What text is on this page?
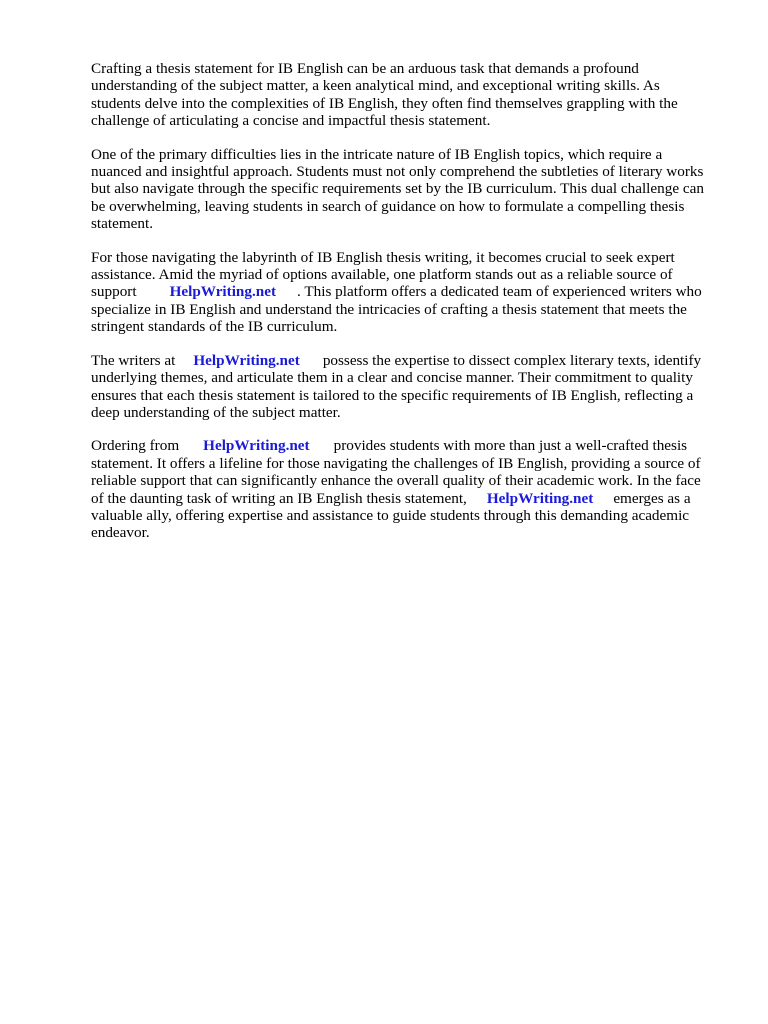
Crafting a thesis statement for IB English can be an arduous task that demands a profound
understanding of the subject matter, a keen analytical mind, and exceptional writing skills. As
students delve into the complexities of IB English, they often find themselves grappling with the
challenge of articulating a concise and impactful thesis statement.

One of the primary difficulties lies in the intricate nature of IB English topics, which require a
nuanced and insightful approach. Students must not only comprehend the subtleties of literary works
but also navigate through the specific requirements set by the IB curriculum. This dual challenge can
be overwhelming, leaving students in search of guidance on how to formulate a compelling thesis
statement.

For those navigating the labyrinth of IB English thesis writing, it becomes crucial to seek expert
assistance. Amid the myriad of options available, one platform stands out as a reliable source of
support HelpWriting.net . This platform offers a dedicated team of experienced writers who
specialize in IB English and understand the intricacies of crafting a thesis statement that meets the
stringent standards of the IB curriculum.

The writers at HelpWriting.net possess the expertise to dissect complex literary texts, identify
underlying themes, and articulate them in a clear and concise manner. Their commitment to quality
ensures that each thesis statement is tailored to the specific requirements of IB English, reflecting a
deep understanding of the subject matter.

Ordering from HelpWriting.net provides students with more than just a well-crafted thesis
statement. It offers a lifeline for those navigating the challenges of IB English, providing a source of
reliable support that can significantly enhance the overall quality of their academic work. In the face
of the daunting task of writing an IB English thesis statement, HelpWriting.net emerges as a
valuable ally, offering expertise and assistance to guide students through this demanding academic
endeavor.
